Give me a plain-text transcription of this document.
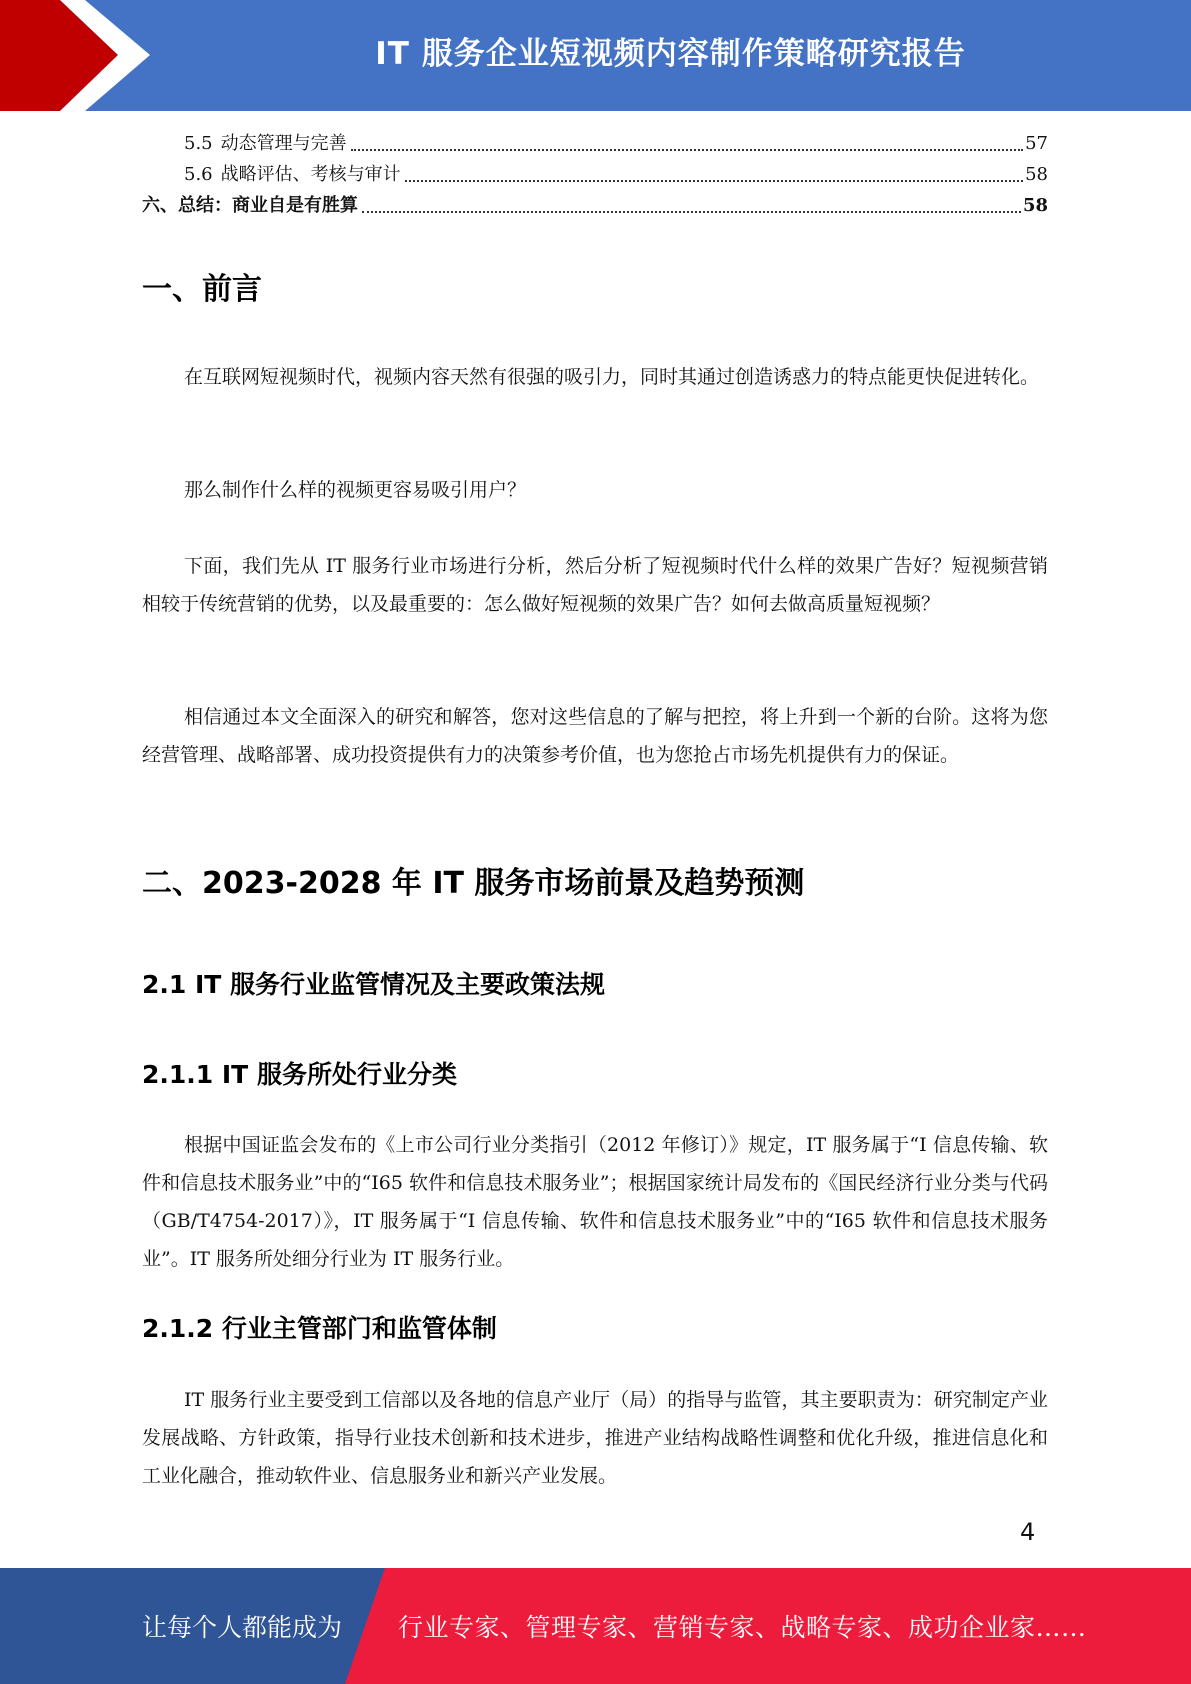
IT 服务企业短视频内容制作策略研究报告
5.5 动态管理与完善	57
5.6 战略评估、考核与审计	58
六、总结：商业自是有胜算	58
一、前言
在互联网短视频时代，视频内容天然有很强的吸引力，同时其通过创造诱惑力的特点能更快促进转化。
那么制作什么样的视频更容易吸引用户？
下面，我们先从 IT 服务行业市场进行分析，然后分析了短视频时代什么样的效果广告好？短视频营销相较于传统营销的优势，以及最重要的：怎么做好短视频的效果广告？如何去做高质量短视频？
相信通过本文全面深入的研究和解答，您对这些信息的了解与把控，将上升到一个新的台阶。这将为您经营管理、战略部署、成功投资提供有力的决策参考价值，也为您抢占市场先机提供有力的保证。
二、2023-2028 年 IT 服务市场前景及趋势预测
2.1 IT 服务行业监管情况及主要政策法规
2.1.1 IT 服务所处行业分类
根据中国证监会发布的《上市公司行业分类指引（2012 年修订）》规定，IT 服务属于“I 信息传输、软件和信息技术服务业”中的“I65 软件和信息技术服务业”；根据国家统计局发布的《国民经济行业分类与代码（GB/T4754-2017）》，IT 服务属于“I 信息传输、软件和信息技术服务业”中的“I65 软件和信息技术服务业”。IT 服务所处细分行业为 IT 服务行业。
2.1.2 行业主管部门和监管体制
IT 服务行业主要受到工信部以及各地的信息产业厅（局）的指导与监管，其主要职责为：研究制定产业发展战略、方针政策，指导行业技术创新和技术进步，推进产业结构战略性调整和优化升级，推进信息化和工业化融合，推动软件业、信息服务业和新兴产业发展。
4
让每个人都能成为 行业专家、管理专家、营销专家、战略专家、成功企业家……
